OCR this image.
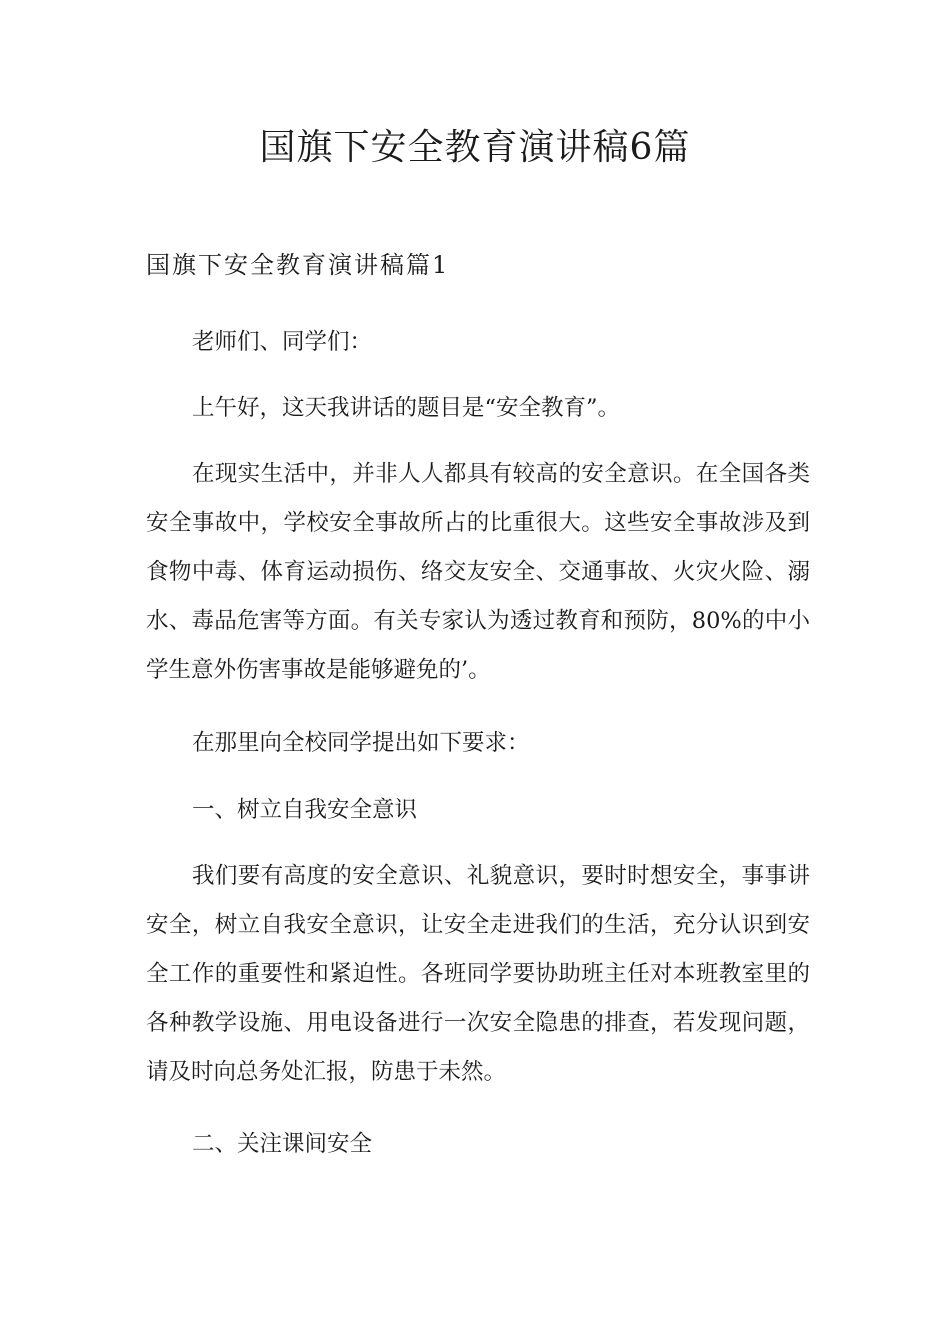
国旗下安全教育演讲稿6篇
国旗下安全教育演讲稿篇1

老师们、同学们：

上午好，这天我讲话的题目是“安全教育”。

在现实生活中，并非人人都具有较高的安全意识。在全国各类安全事故中，学校安全事故所占的比重很大。这些安全事故涉及到食物中毒、体育运动损伤、络交友安全、交通事故、火灾火险、溺水、毒品危害等方面。有关专家认为透过教育和预防，80%的中小学生意外伤害事故是能够避免的’。

在那里向全校同学提出如下要求：

一、树立自我安全意识

我们要有高度的安全意识、礼貌意识，要时时想安全，事事讲安全，树立自我安全意识，让安全走进我们的生活，充分认识到安全工作的重要性和紧迫性。各班同学要协助班主任对本班教室里的各种教学设施、用电设备进行一次安全隐患的排查，若发现问题，请及时向总务处汇报，防患于未然。

二、关注课间安全
